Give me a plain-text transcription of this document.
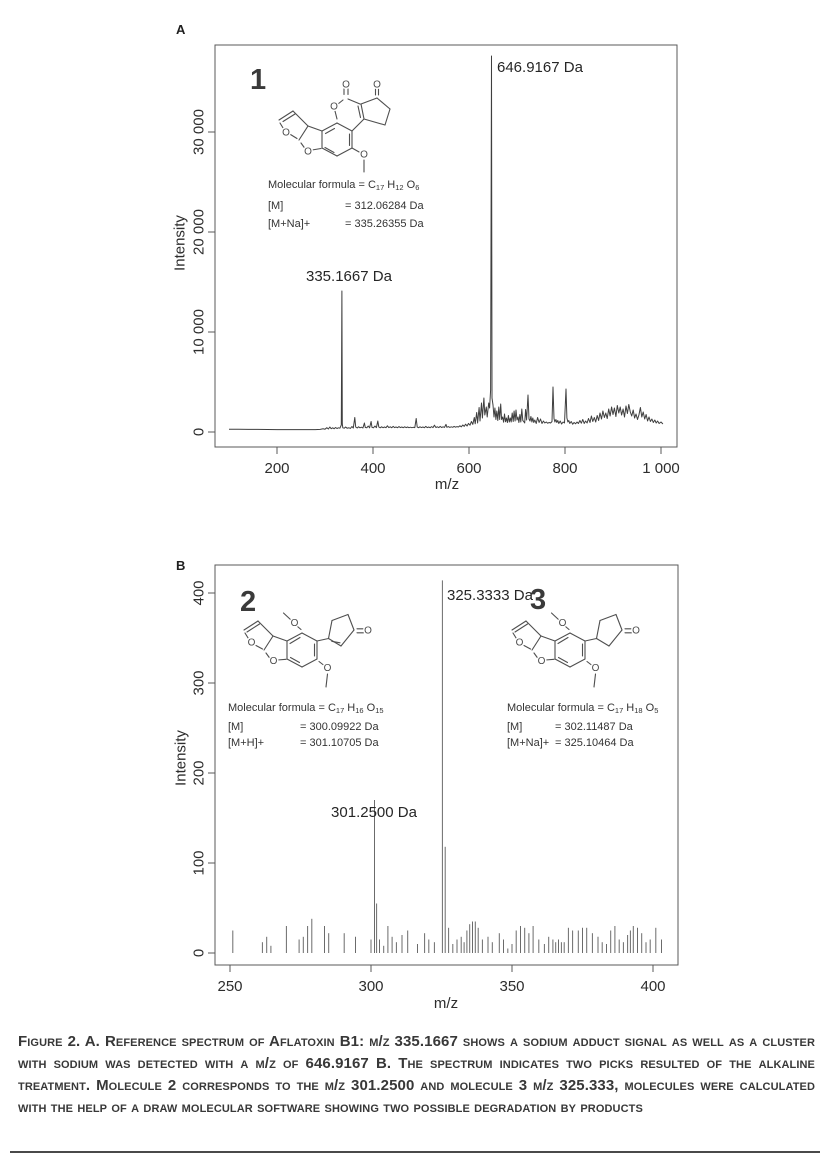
A
B
1
2	3
O
O O
O
O	O
O
O
O
O
O
O
O
O
O
O
Molecular formula = $C_{17}$ $H_{12}$ $O_6$
[M]	= 312.06284 Da
[M+Na]+	= 335.26355 Da
Molecular formula = $C_{17}$ $H_{16}$ $O_{15}$
[M]	= 300.09922 Da
[M+H]+	= 301.10705 Da
Molecular formula = $C_{17}$ $H_{18}$ $O_5$
[M]	= 302.11487 Da
[M+Na]+ = 325.10464 Da
335.1667 Da
646.9167 Da
301.2500 Da
325.3333 Da
Figure 2. A. Reference spectrum of Aflatoxin B1: m/z 335.1667 shows a sodium adduct signal as well as a cluster with sodium was detected with a m/z of 646.9167 B. The spectrum indicates two picks resulted of the alkaline treatment. Molecule 2 corresponds to the m/z 301.2500 and molecule 3 m/z 325.333, molecules were calculated with the help of a draw molecular software showing two possible degradation by products
200	400	600	800	1 000
0
10 000
20 000
30 000
m/z
Intensity
250	300	350	400
0
100
200
300
400
m/z
Intensity
